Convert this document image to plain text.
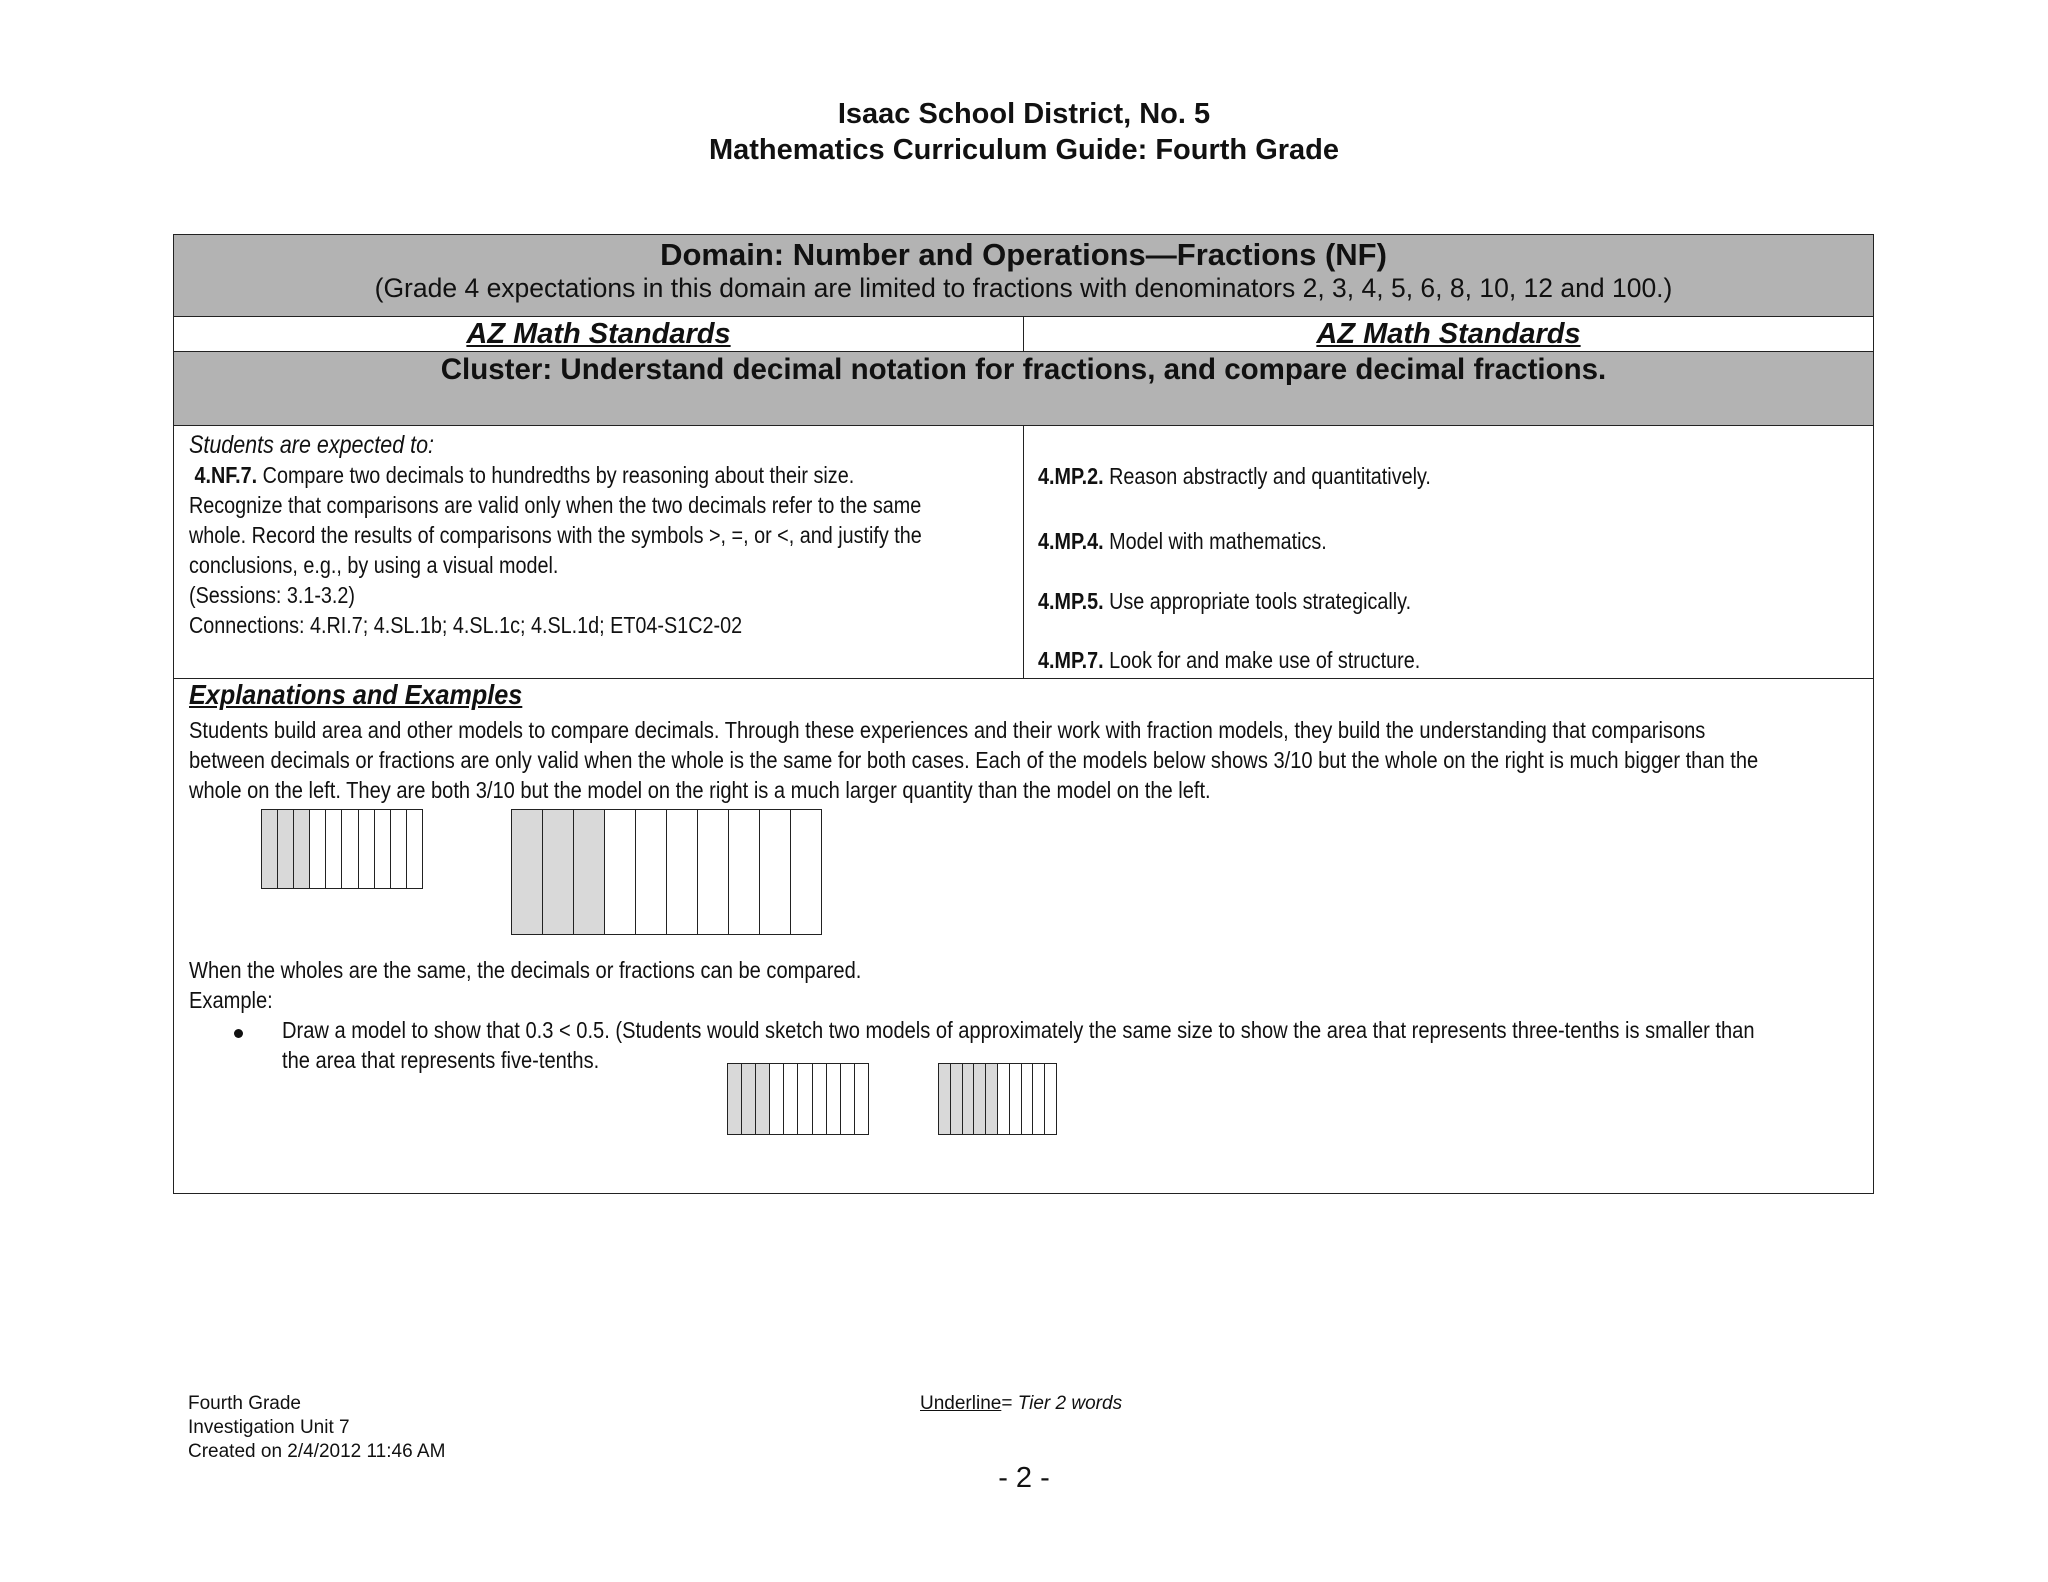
Isaac School District, No. 5
Mathematics Curriculum Guide: Fourth Grade
Domain: Number and Operations—Fractions (NF)
(Grade 4 expectations in this domain are limited to fractions with denominators 2, 3, 4, 5, 6, 8, 10, 12 and 100.)
AZ Math Standards	AZ Math Standards
Cluster: Understand decimal notation for fractions, and compare decimal fractions.
Students are expected to:
4.NF.7. Compare two decimals to hundredths by reasoning about their size.
Recognize that comparisons are valid only when the two decimals refer to the same
whole. Record the results of comparisons with the symbols >, =, or <, and justify the
conclusions, e.g., by using a visual model.
(Sessions: 3.1-3.2)
Connections: 4.RI.7; 4.SL.1b; 4.SL.1c; 4.SL.1d; ET04-S1C2-02
4.MP.2. Reason abstractly and quantitatively.
4.MP.4. Model with mathematics.
4.MP.5. Use appropriate tools strategically.
4.MP.7. Look for and make use of structure.
Explanations and Examples
Students build area and other models to compare decimals. Through these experiences and their work with fraction models, they build the understanding that comparisons
between decimals or fractions are only valid when the whole is the same for both cases. Each of the models below shows 3/10 but the whole on the right is much bigger than the
whole on the left. They are both 3/10 but the model on the right is a much larger quantity than the model on the left.
When the wholes are the same, the decimals or fractions can be compared.
Example:
Draw a model to show that 0.3 < 0.5. (Students would sketch two models of approximately the same size to show the area that represents three-tenths is smaller than
the area that represents five-tenths.
Fourth Grade
Investigation Unit 7
Created on 2/4/2012 11:46 AM
Underline= Tier 2 words
- 2 -
